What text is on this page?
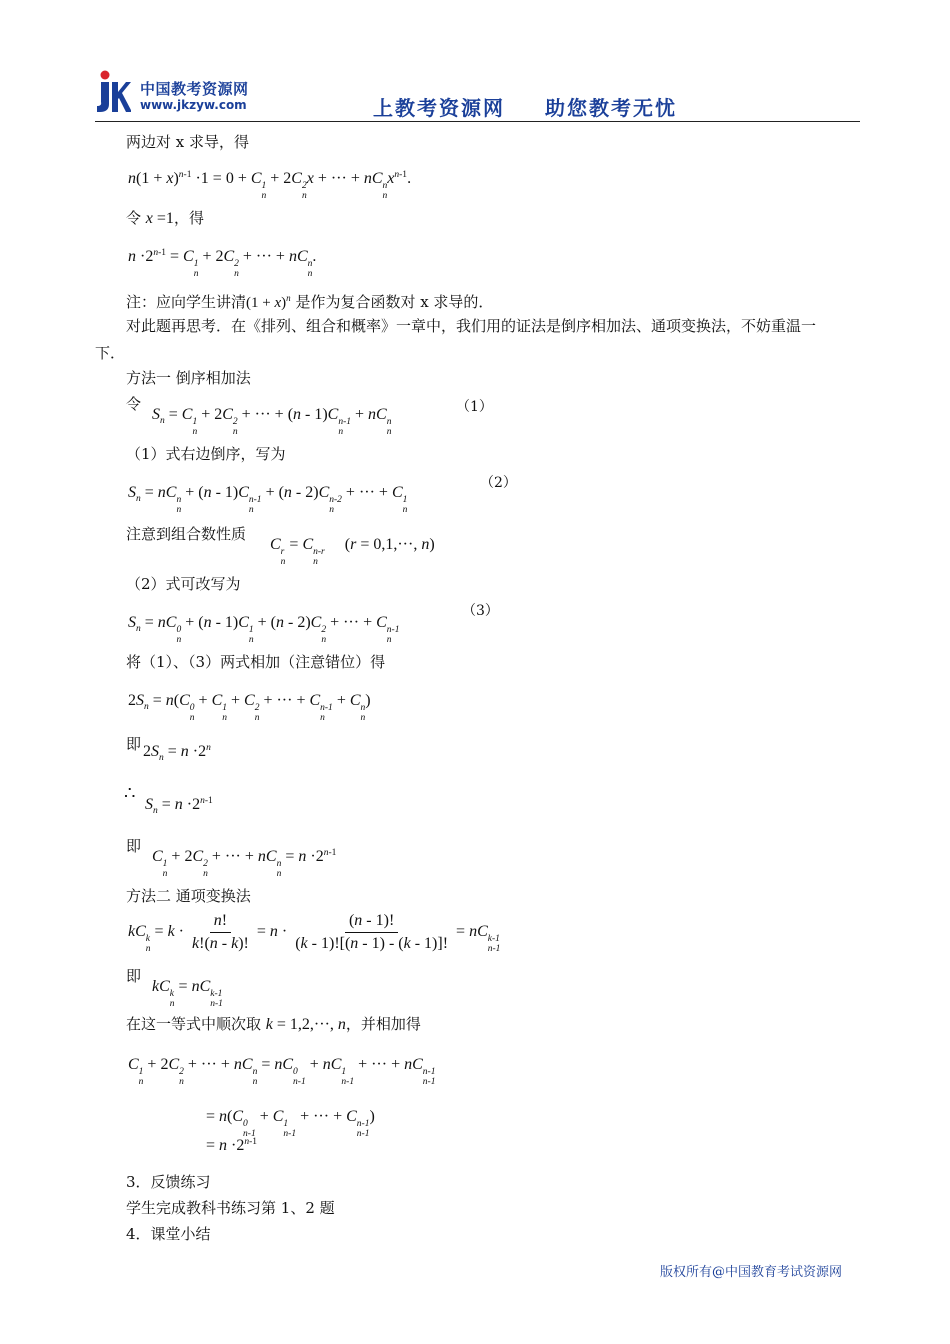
中国教考资源网
www.jkzyw.com	上教考资源网 助您教考无忧
两边对 x 求导，得
$n(1 + x)^{n-1} \cdot 1 = 0 + C$ 1
n
+ 2C 2
n
x + ··· + nC n
n
$x^{n-1}$.
令 x =1，得
$n \cdot 2^{n-1} = C$ 1
n
+ 2C 2
n
+ ··· + nC n
n
.
注：应向学生讲清$(1 + x)^n$ 是作为复合函数对 x 求导的．
对此题再思考．在《排列、组合和概率》一章中，我们用的证法是倒序相加法、通项变换法，不妨重温一
下．
方法一 倒序相加法
令
$S_n = C$ 1
n
+ 2C 2
n
+ ··· + (n - 1)C n-1
n
+ nC n
n
（1）
（1）式右边倒序，写为
$S_n$ = nC n
n
+ (n - 1)C n-1
n
+ (n - 2)C n-2
n
+ ··· + C 1
n
（2）
注意到组合数性质
C r
n
= C n-r
n
(r = 0,1,···, n)
（2）式可改写为
$S_n$ = nC 0
n
+ (n - 1)C 1
n
+ (n - 2)C 2
n
+ ··· + C n-1
n
（3）
将（1）、（3）两式相加（注意错位）得
$2S_n = n(C$ 0
n
+ C 1
n
+ C 2
n
+ ··· + C n-1
n
+ C n
n
)
即 $2S_n = n \cdot 2^n$
∴
$S_n = n \cdot 2^{n-1}$
即
C 1
n
+ 2C 2
n
+ ··· + nC n
n
= $n \cdot 2^{n-1}$
方法二 通项变换法
kC k
n
= $k \cdot \frac{n!}{k!(n - k)!} = n \cdot \frac{(n - 1)!}{(k - 1)![(n - 1) - (k - 1)]!}$ = nC k-1
n-1
即
kC k
n
= nC k-1
n-1
在这一等式中顺次取 k = 1,2,···, n，并相加得
C 1
n
+ 2C 2
n
+ ··· + nC n
n
= nC 0
n-1
+ nC 1
n-1
+ ··· + nC n-1
n-1
= n(C 0
n-1
+ C 1
n-1
+ ··· + C n-1
n-1
)
= $n \cdot 2^{n-1}$
3．反馈练习
学生完成教科书练习第 1、2 题
4．课堂小结
版权所有@中国教育考试资源网
